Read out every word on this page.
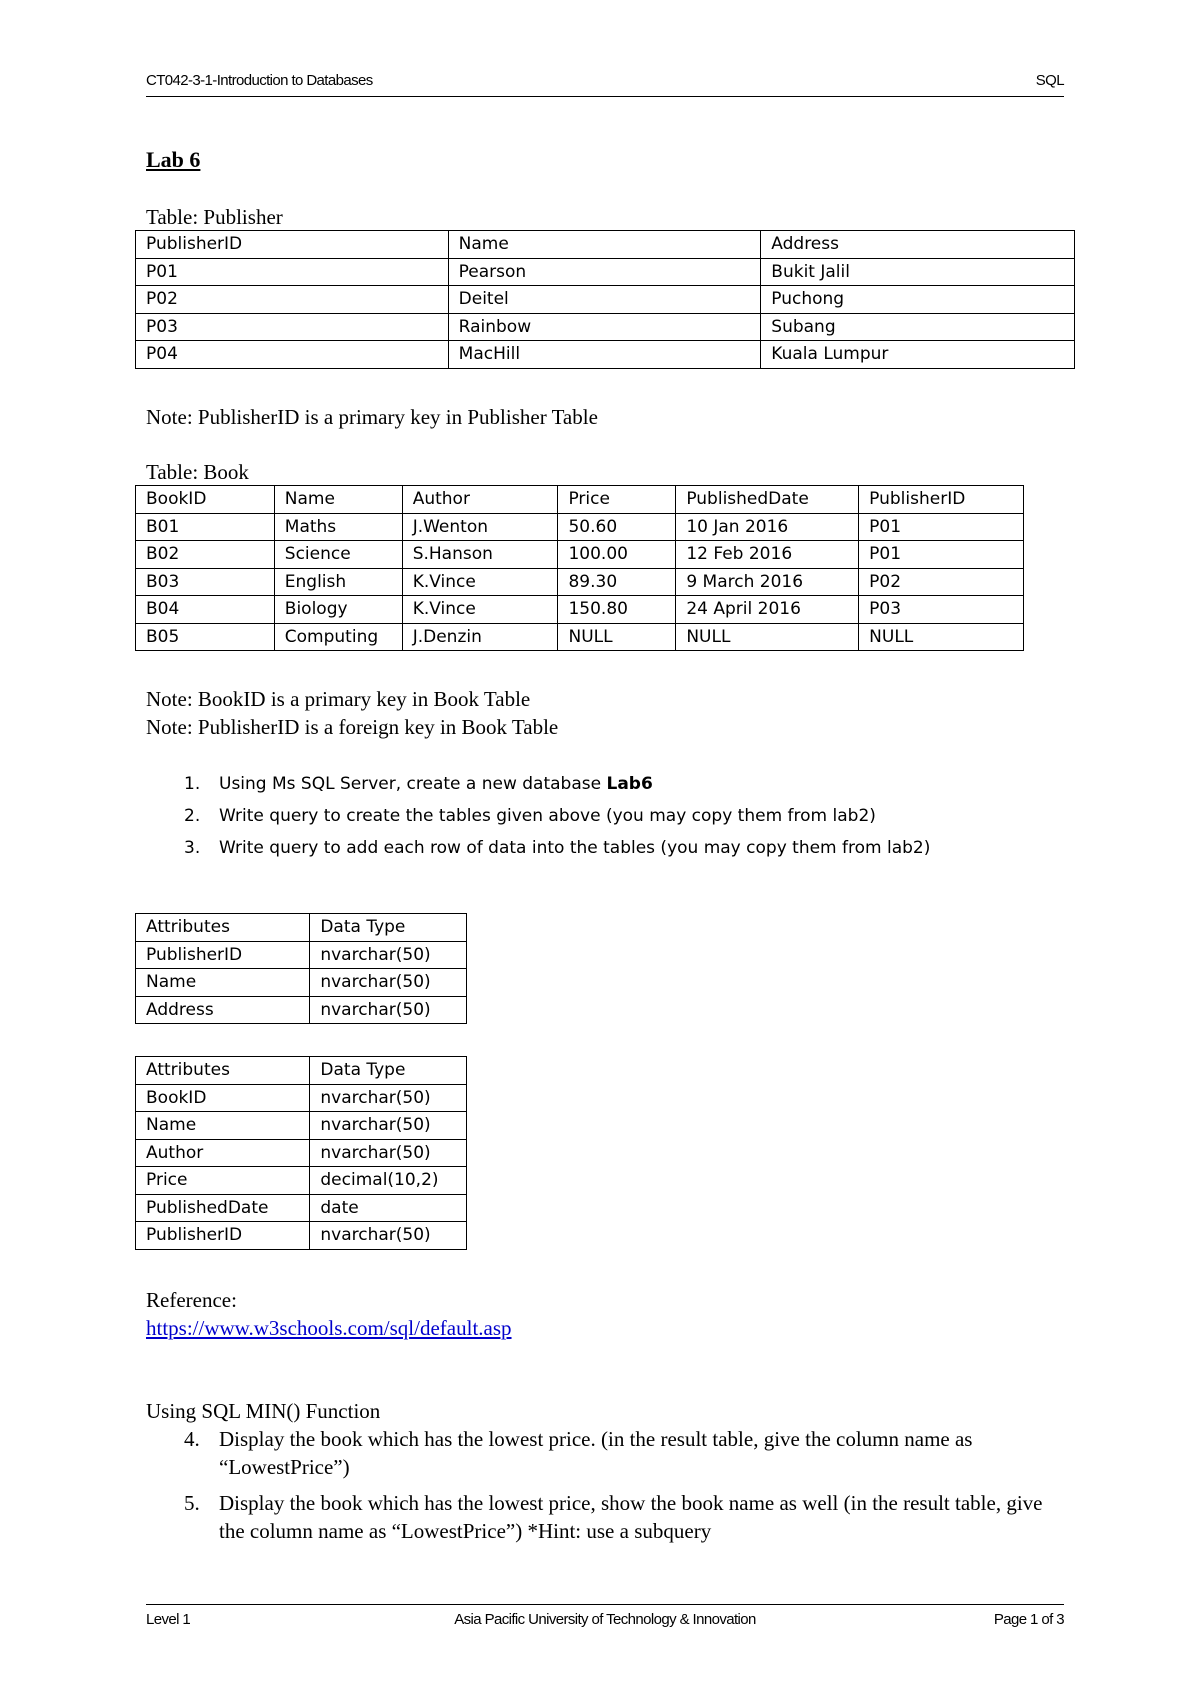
CT042-3-1-Introduction to Databases	SQL
Lab 6
Table: Publisher
PublisherID	Name	Address
P01	Pearson	Bukit Jalil
P02	Deitel	Puchong
P03	Rainbow	Subang
P04	MacHill	Kuala Lumpur
Note: PublisherID is a primary key in Publisher Table
Table: Book
BookID	Name	Author	Price	PublishedDate	PublisherID
B01	Maths	J.Wenton	50.60	10 Jan 2016	P01
B02	Science	S.Hanson	100.00	12 Feb 2016	P01
B03	English	K.Vince	89.30	9 March 2016	P02
B04	Biology	K.Vince	150.80	24 April 2016	P03
B05	Computing	J.Denzin	NULL	NULL	NULL
Note: BookID is a primary key in Book Table
Note: PublisherID is a foreign key in Book Table
1. Using Ms SQL Server, create a new database Lab6
2. Write query to create the tables given above (you may copy them from lab2)
3. Write query to add each row of data into the tables (you may copy them from lab2)
Attributes	Data Type
PublisherID	nvarchar(50)
Name	nvarchar(50)
Address	nvarchar(50)
Attributes	Data Type
BookID	nvarchar(50)
Name	nvarchar(50)
Author	nvarchar(50)
Price	decimal(10,2)
PublishedDate	date
PublisherID	nvarchar(50)
Reference:
https://www.w3schools.com/sql/default.asp
Using SQL MIN() Function
4. Display the book which has the lowest price. (in the result table, give the column name as “LowestPrice”)
5. Display the book which has the lowest price, show the book name as well (in the result table, give the column name as “LowestPrice”) *Hint: use a subquery
Level 1	Asia Pacific University of Technology & Innovation	Page 1 of 3
